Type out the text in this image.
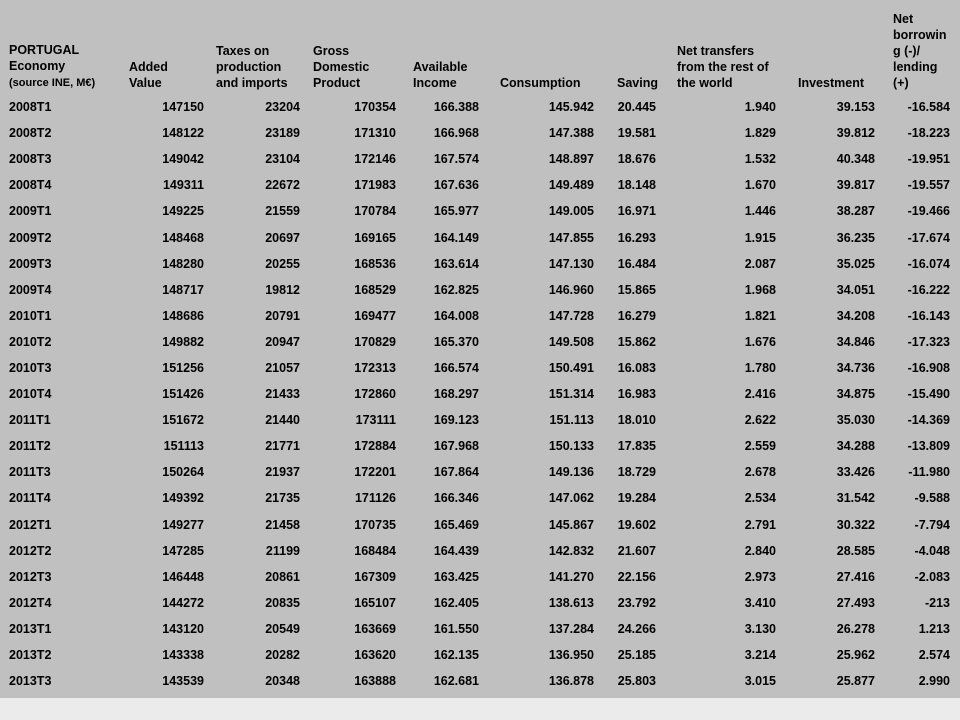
PORTUGAL
Economy
(source INE, M€)	Added
Value	Taxes on
production
and imports	Gross
Domestic
Product	Available
Income	Consumption	Saving	Net transfers
from the rest of
the world	Investment	Net
borrowin
g (-)/
lending
(+)
2008T1	147150	23204	170354	166.388	145.942	20.445	1.940	39.153	-16.584
2008T2	148122	23189	171310	166.968	147.388	19.581	1.829	39.812	-18.223
2008T3	149042	23104	172146	167.574	148.897	18.676	1.532	40.348	-19.951
2008T4	149311	22672	171983	167.636	149.489	18.148	1.670	39.817	-19.557
2009T1	149225	21559	170784	165.977	149.005	16.971	1.446	38.287	-19.466
2009T2	148468	20697	169165	164.149	147.855	16.293	1.915	36.235	-17.674
2009T3	148280	20255	168536	163.614	147.130	16.484	2.087	35.025	-16.074
2009T4	148717	19812	168529	162.825	146.960	15.865	1.968	34.051	-16.222
2010T1	148686	20791	169477	164.008	147.728	16.279	1.821	34.208	-16.143
2010T2	149882	20947	170829	165.370	149.508	15.862	1.676	34.846	-17.323
2010T3	151256	21057	172313	166.574	150.491	16.083	1.780	34.736	-16.908
2010T4	151426	21433	172860	168.297	151.314	16.983	2.416	34.875	-15.490
2011T1	151672	21440	173111	169.123	151.113	18.010	2.622	35.030	-14.369
2011T2	151113	21771	172884	167.968	150.133	17.835	2.559	34.288	-13.809
2011T3	150264	21937	172201	167.864	149.136	18.729	2.678	33.426	-11.980
2011T4	149392	21735	171126	166.346	147.062	19.284	2.534	31.542	-9.588
2012T1	149277	21458	170735	165.469	145.867	19.602	2.791	30.322	-7.794
2012T2	147285	21199	168484	164.439	142.832	21.607	2.840	28.585	-4.048
2012T3	146448	20861	167309	163.425	141.270	22.156	2.973	27.416	-2.083
2012T4	144272	20835	165107	162.405	138.613	23.792	3.410	27.493	-213
2013T1	143120	20549	163669	161.550	137.284	24.266	3.130	26.278	1.213
2013T2	143338	20282	163620	162.135	136.950	25.185	3.214	25.962	2.574
2013T3	143539	20348	163888	162.681	136.878	25.803	3.015	25.877	2.990
